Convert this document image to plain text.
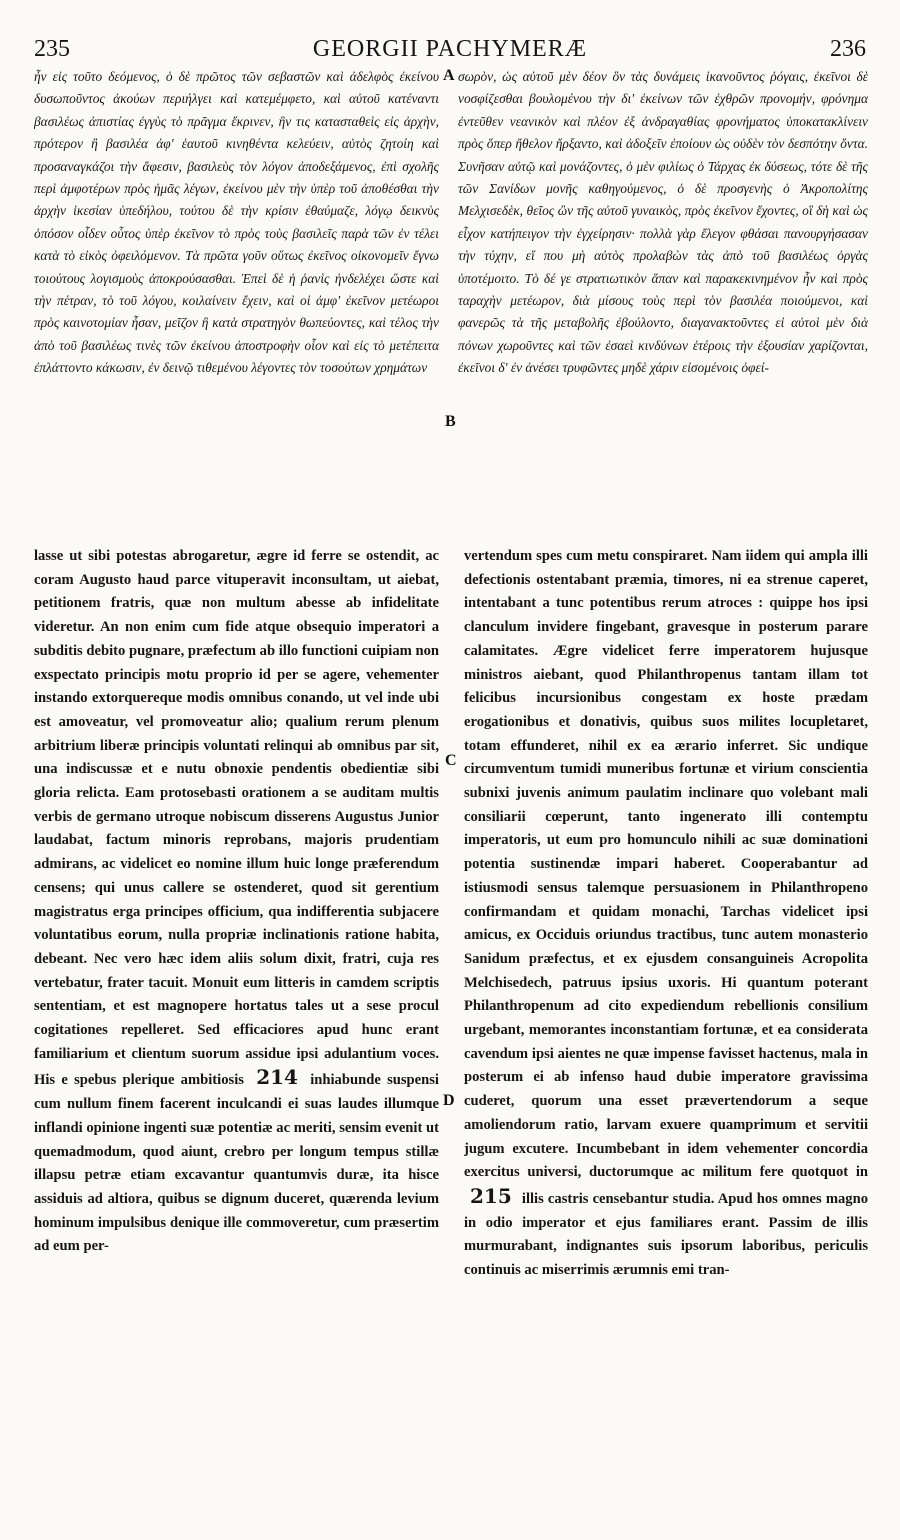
235	GEORGII PACHYMERÆ	236

ἦν εἰς τοῦτο δεόμενος, ὁ δὲ πρῶτος τῶν σεβαστῶν καὶ ἀδελφὸς ἐκείνου δυσωποῦντος ἀκούων περιήλγει καὶ κατεμέμφετο, καὶ αὐτοῦ κατέναντι βασιλέως ἀπιστίας ἐγγὺς τὸ πρᾶγμα ἔκρινεν, ἣν τις κατασταθεὶς εἰς ἀρχὴν, πρότερον ἢ βασιλέα ἀφ' ἑαυτοῦ κινηθέντα κελεύειν, αὐτὸς ζητοίη καὶ προσαναγκάζοι τὴν ἄφεσιν, βασιλεὺς τὸν λόγον ἀποδεξάμενος, ἐπὶ σχολῆς περὶ ἀμφοτέρων πρὸς ἡμᾶς λέγων, ἐκείνου μὲν τὴν ὑπὲρ τοῦ ἀποθέσθαι τὴν ἀρχὴν ἱκεσίαν ὑπεδήλου, τούτου δὲ τὴν κρίσιν ἐθαύμαζε, λόγῳ δεικνὺς ὁπόσον οἶδεν οὗτος ὑπὲρ ἐκεῖνον τὸ πρὸς τοὺς βασιλεῖς παρὰ τῶν ἐν τέλει κατὰ τὸ εἰκὸς ὀφειλόμενον. Τὰ πρῶτα γοῦν οὕτως ἐκεῖνος οἰκονομεῖν ἔγνω τοιούτους λογισμοὺς ἀποκρούσασθαι. Ἐπεὶ δὲ ἡ ῥανὶς ἠνδελέχει ὥστε καὶ τὴν πέτραν, τὸ τοῦ λόγου, κοιλαίνειν ἔχειν, καὶ οἱ ἀμφ' ἐκεῖνον μετέωροι πρὸς καινοτομίαν ἦσαν, μεῖζον ἢ κατὰ στρατηγὸν θωπεύοντες, καὶ τέλος τὴν ἀπὸ τοῦ βασιλέως τινὲς τῶν ἐκείνου ἀποστροφὴν οἷον καὶ εἰς τὸ μετέπειτα ἐπλάττοντο κάκωσιν, ἐν δεινῷ τιθεμένου λέγοντες τὸν τοσούτων χρημάτων

σωρὸν, ὡς αὐτοῦ μὲν δέον ὃν τὰς δυνάμεις ἱκανοῦντος ῥόγαις, ἐκεῖνοι δὲ νοσφίζεσθαι βουλομένου τὴν δι' ἐκείνων τῶν ἐχθρῶν προνομήν, φρόνημα ἐντεῦθεν νεανικὸν καὶ πλέον ἐξ ἀνδραγαθίας φρονήματος ὑποκατακλίνειν πρὸς ὅπερ ἤθελον ἤρξαντο, καὶ ἀδοξεῖν ἐποίουν ὡς οὐδὲν τὸν δεσπότην ὄντα. Συνῆσαν αὐτῷ καὶ μονάζοντες, ὁ μὲν φιλίως ὁ Τάρχας ἐκ δύσεως, τότε δὲ τῆς τῶν Σανίδων μονῆς καθηγούμενος, ὁ δὲ προσγενὴς ὁ Ἀκροπολίτης Μελχισεδὲκ, θεῖος ὢν τῆς αὐτοῦ γυναικὸς, πρὸς ἐκεῖνον ἔχοντες, οἳ δὴ καὶ ὡς εἶχον κατήπειγον τὴν ἐγχείρησιν· πολλὰ γὰρ ἔλεγον φθάσαι πανουργήσασαν τὴν τύχην, εἴ που μὴ αὐτὸς προλαβὼν τὰς ἀπὸ τοῦ βασιλέως ὀργὰς ὑποτέμοιτο. Τὸ δέ γε στρατιωτικὸν ἅπαν καὶ παρακεκινημένον ἦν καὶ πρὸς ταραχὴν μετέωρον, διὰ μίσους τοὺς περὶ τὸν βασιλέα ποιούμενοι, καὶ φανερῶς τὰ τῆς μεταβολῆς ἐβούλοντο, διαγανακτοῦντες εἰ αὐτοὶ μὲν διὰ πόνων χωροῦντες καὶ τῶν ἐσαεὶ κινδύνων ἑτέροις τὴν ἐξουσίαν χαρίζονται, ἐκεῖνοι δ' ἐν ἀνέσει τρυφῶντες μηδὲ χάριν εἰσομένοις ὀφεί-

A
B
C
D

lasse ut sibi potestas abrogaretur, ægre id ferre se ostendit, ac coram Augusto haud parce vituperavit inconsultam, ut aiebat, petitionem fratris, quæ non multum abesse ab infidelitate videretur. An non enim cum fide atque obsequio imperatori a subditis debito pugnare, præfectum ab illo functioni cuipiam non exspectato principis motu proprio id per se agere, vehementer instando extorquereque modis omnibus conando, ut vel inde ubi est amoveatur, vel promoveatur alio; qualium rerum plenum arbitrium liberæ principis voluntati relinqui ab omnibus par sit, una indiscussæ et e nutu obnoxie pendentis obedientiæ sibi gloria relicta. Eam protosebasti orationem a se auditam multis verbis de germano utroque nobiscum disserens Augustus Junior laudabat, factum minoris reprobans, majoris prudentiam admirans, ac videlicet eo nomine illum huic longe præferendum censens; qui unus callere se ostenderet, quod sit gerentium magistratus erga principes officium, qua indifferentia subjacere voluntatibus eorum, nulla propriæ inclinationis ratione habita, debeant. Nec vero hæc idem aliis solum dixit, fratri, cuja res vertebatur, frater tacuit. Monuit eum litteris in camdem scriptis sententiam, et est magnopere hortatus tales ut a sese procul cogitationes repelleret. Sed efficaciores apud hunc erant familiarium et clientum suorum assidue ipsi adulantium voces. His e spebus plerique ambitiosis 214 inhiabunde suspensi cum nullum finem facerent inculcandi ei suas laudes illumque inflandi opinione ingenti suæ potentiæ ac meriti, sensim evenit ut quemadmodum, quod aiunt, crebro per longum tempus stillæ illapsu petræ etiam excavantur quantumvis duræ, ita hisce assiduis ad altiora, quibus se dignum duceret, quærenda levium hominum impulsibus denique ille commoveretur, cum præsertim ad eum per-

vertendum spes cum metu conspiraret. Nam iidem qui ampla illi defectionis ostentabant præmia, timores, ni ea strenue caperet, intentabant a tunc potentibus rerum atroces : quippe hos ipsi clanculum invidere fingebant, gravesque in posterum parare calamitates. Ægre videlicet ferre imperatorem hujusque ministros aiebant, quod Philanthropenus tantam illam tot felicibus incursionibus congestam ex hoste prædam erogationibus et donativis, quibus suos milites locupletaret, totam effunderet, nihil ex ea ærario inferret. Sic undique circumventum tumidi muneribus fortunæ et virium conscientia subnixi juvenis animum paulatim inclinare quo volebant mali consiliarii cœperunt, tanto ingenerato illi contemptu imperatoris, ut eum pro homunculo nihili ac suæ dominationi potentia sustinendæ impari haberet. Cooperabantur ad istiusmodi sensus talemque persuasionem in Philanthropeno confirmandam et quidam monachi, Tarchas videlicet ipsi amicus, ex Occiduis oriundus tractibus, tunc autem monasterio Sanidum præfectus, et ex ejusdem consanguineis Acropolita Melchisedech, patruus ipsius uxoris. Hi quantum poterant Philanthropenum ad cito expediendum rebellionis consilium urgebant, memorantes inconstantiam fortunæ, et ea considerata cavendum ipsi aientes ne quæ impense favisset hactenus, mala in posterum ei ab infenso haud dubie imperatore gravissima cuderet, quorum una esset prævertendorum a seque amoliendorum ratio, larvam exuere quamprimum et servitii jugum excutere. Incumbebant in idem vehementer concordia exercitus universi, ductorumque ac militum fere quotquot in 215 illis castris censebantur studia. Apud hos omnes magno in odio imperator et ejus familiares erant. Passim de illis murmurabant, indignantes suis ipsorum laboribus, periculis continuis ac miserrimis ærumnis emi tran-
